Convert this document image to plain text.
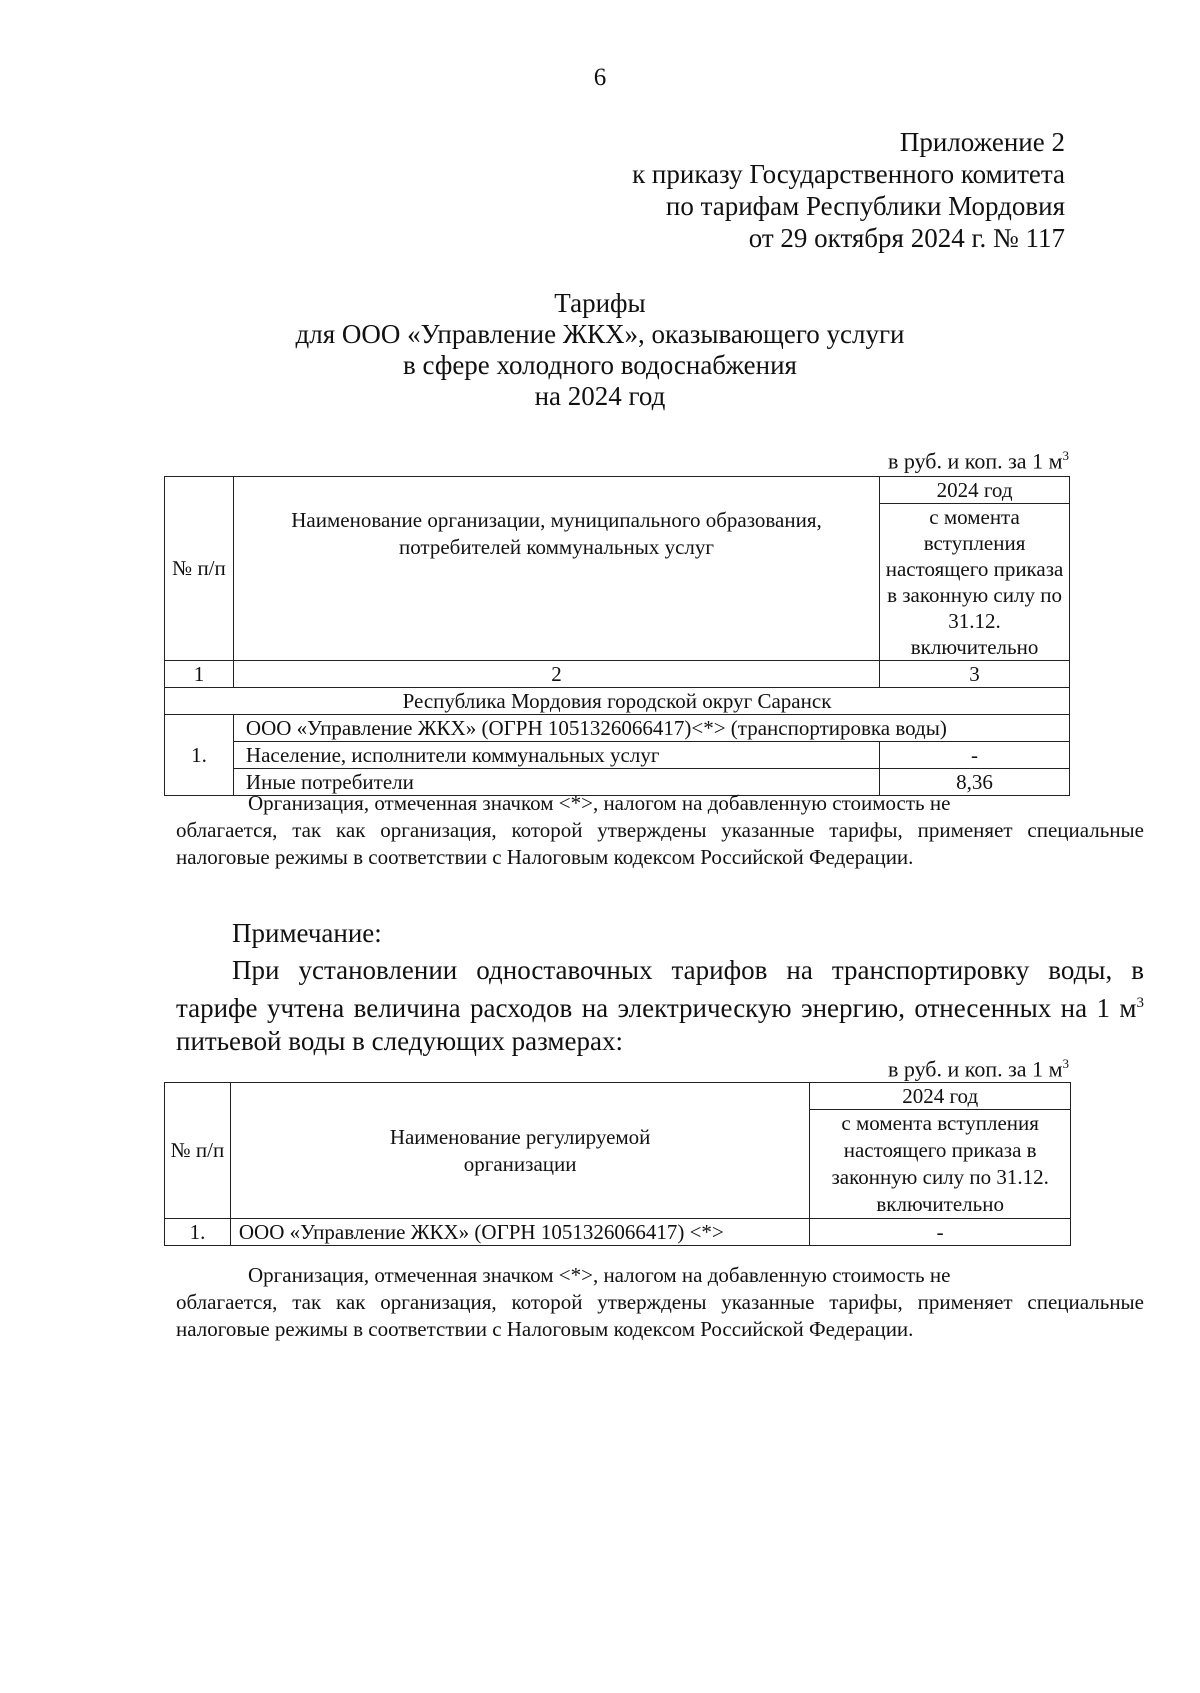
6
Приложение 2
к приказу Государственного комитета
по тарифам Республики Мордовия
от 29 октября 2024 г. № 117
Тарифы
для ООО «Управление ЖКХ», оказывающего услуги
в сфере холодного водоснабжения
на 2024 год
в руб. и коп. за 1 $м^3$
№ п/п	Наименование организации, муниципального образования, потребителей коммунальных услуг	2024 год
		с момента вступления настоящего приказа в законную силу по 31.12. включительно
1	2	3
Республика Мордовия городской округ Саранск		
1.	ООО «Управление ЖКХ» (ОГРН 1051326066417)<*> (транспортировка воды)	
	Население, исполнители коммунальных услуг	-
	Иные потребители	8,36
Организация, отмеченная значком <*>, налогом на добавленную стоимость не
облагается, так как организация, которой утверждены указанные тарифы, применяет специальные налоговые режимы в соответствии с Налоговым кодексом Российской Федерации.
Примечание:
При установлении одноставочных тарифов на транспортировку воды, в тарифе учтена величина расходов на электрическую энергию, отнесенных на 1 $м^3$ питьевой воды в следующих размерах:
в руб. и коп. за 1 $м^3$
№ п/п	Наименование регулируемой организации	2024 год
		с момента вступления настоящего приказа в законную силу по 31.12. включительно
1.	ООО «Управление ЖКХ» (ОГРН 1051326066417) <*>	-
Организация, отмеченная значком <*>, налогом на добавленную стоимость не
облагается, так как организация, которой утверждены указанные тарифы, применяет специальные налоговые режимы в соответствии с Налоговым кодексом Российской Федерации.
